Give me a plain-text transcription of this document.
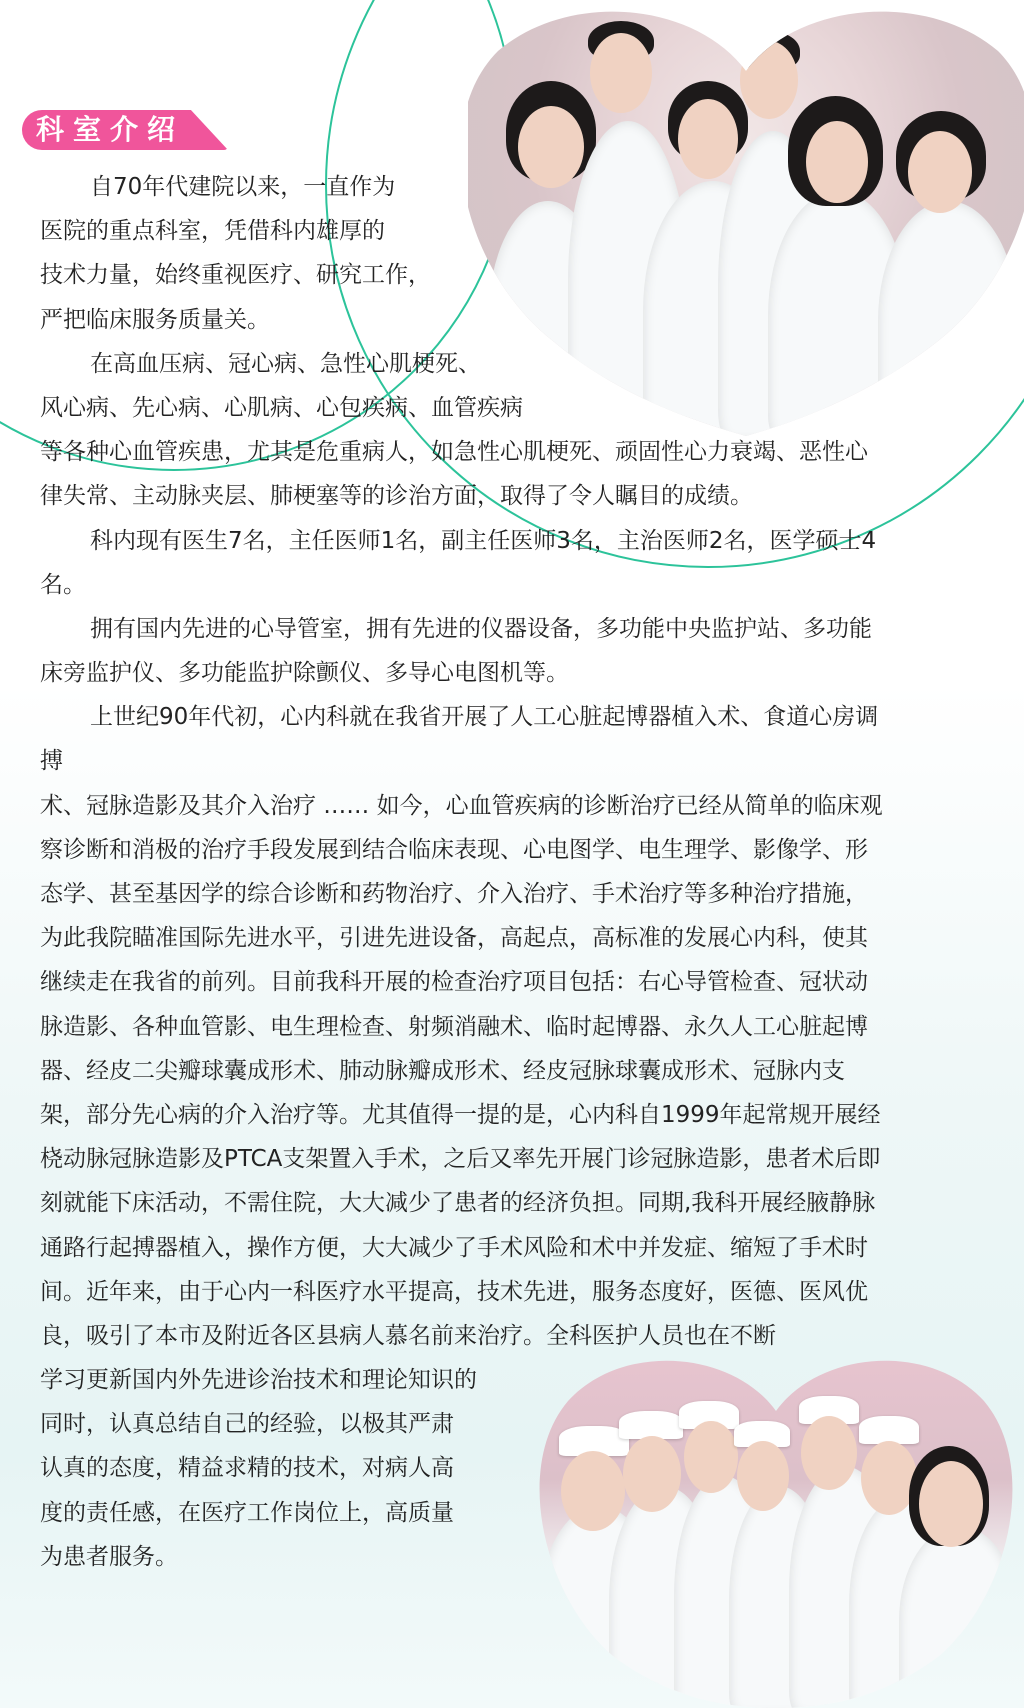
科室介绍
自70年代建院以来，一直作为
医院的重点科室，凭借科内雄厚的
技术力量，始终重视医疗、研究工作，
严把临床服务质量关。
在高血压病、冠心病、急性心肌梗死、
风心病、先心病、心肌病、心包疾病、血管疾病
等各种心血管疾患，尤其是危重病人，如急性心肌梗死、顽固性心力衰竭、恶性心
律失常、主动脉夹层、肺梗塞等的诊治方面，取得了令人瞩目的成绩。
科内现有医生7名，主任医师1名，副主任医师3名，主治医师2名，医学硕士4
名。
拥有国内先进的心导管室，拥有先进的仪器设备，多功能中央监护站、多功能
床旁监护仪、多功能监护除颤仪、多导心电图机等。
上世纪90年代初，心内科就在我省开展了人工心脏起博器植入术、食道心房调
搏
术、冠脉造影及其介入治疗 …… 如今，心血管疾病的诊断治疗已经从简单的临床观
察诊断和消极的治疗手段发展到结合临床表现、心电图学、电生理学、影像学、形
态学、甚至基因学的综合诊断和药物治疗、介入治疗、手术治疗等多种治疗措施，
为此我院瞄准国际先进水平，引进先进设备，高起点，高标准的发展心内科，使其
继续走在我省的前列。目前我科开展的检查治疗项目包括：右心导管检查、冠状动
脉造影、各种血管影、电生理检查、射频消融术、临时起博器、永久人工心脏起博
器、经皮二尖瓣球囊成形术、肺动脉瓣成形术、经皮冠脉球囊成形术、冠脉内支
架，部分先心病的介入治疗等。尤其值得一提的是，心内科自1999年起常规开展经
桡动脉冠脉造影及PTCA支架置入手术，之后又率先开展门诊冠脉造影，患者术后即
刻就能下床活动，不需住院，大大减少了患者的经济负担。同期,我科开展经腋静脉
通路行起搏器植入，操作方便，大大减少了手术风险和术中并发症、缩短了手术时
间。近年来，由于心内一科医疗水平提高，技术先进，服务态度好，医德、医风优
良，吸引了本市及附近各区县病人慕名前来治疗。全科医护人员也在不断
学习更新国内外先进诊治技术和理论知识的
同时，认真总结自己的经验，以极其严肃
认真的态度，精益求精的技术，对病人高
度的责任感，在医疗工作岗位上，高质量
为患者服务。
